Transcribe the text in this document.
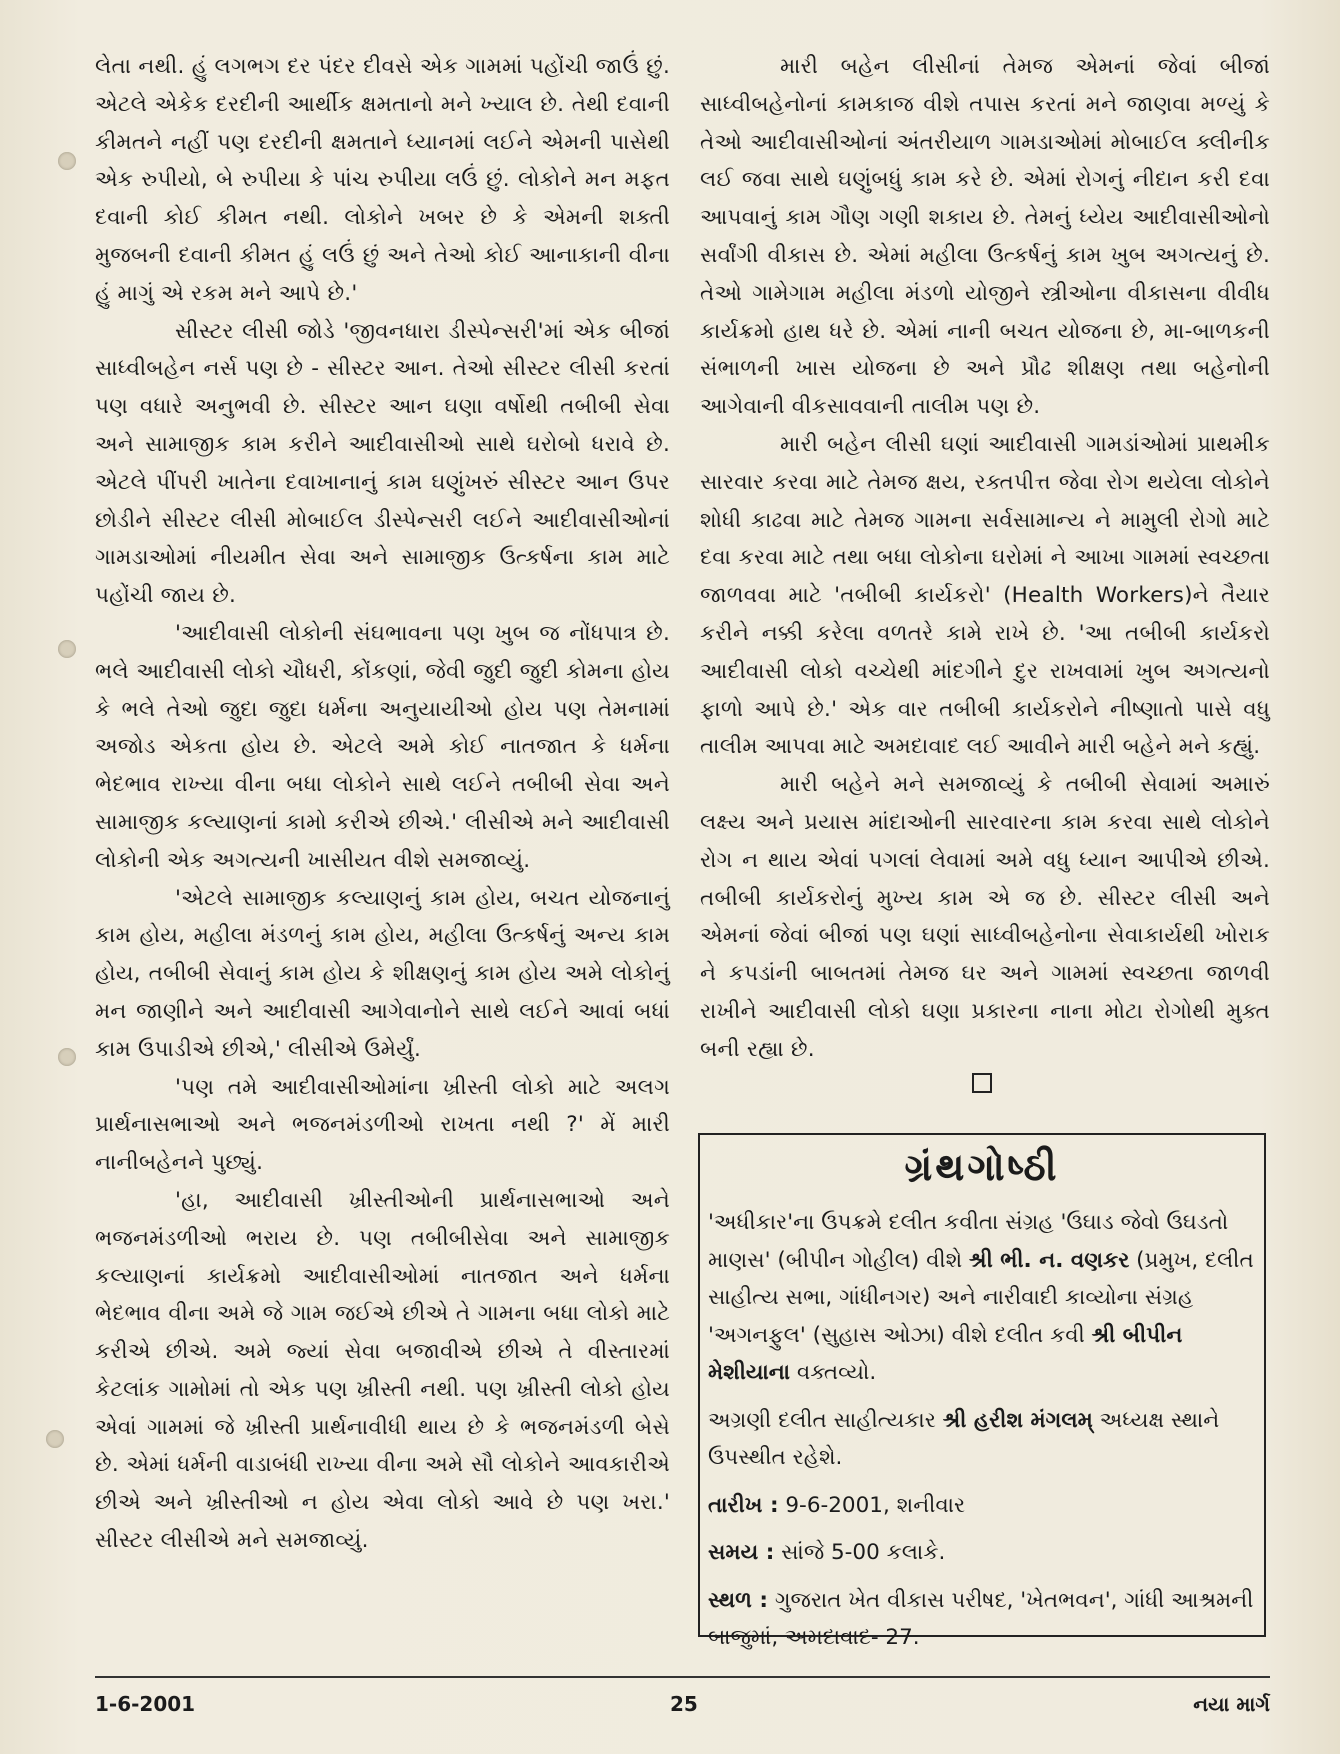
લેતા નથી. હું લગભગ દર પંદર દીવસે એક ગામમાં પહોંચી જાઉં છું. એટલે એકેક દરદીની આર્થીક ક્ષમતાનો મને ખ્યાલ છે. તેથી દવાની કીમતને નહીં પણ દરદીની ક્ષમતાને ધ્યાનમાં લઈને એમની પાસેથી એક રુપીયો, બે રુપીયા કે પાંચ રુપીયા લઉં છું. લોકોને મન મફત દવાની કોઈ કીમત નથી. લોકોને ખબર છે કે એમની શક્તી મુજબની દવાની કીમત હું લઉં છું અને તેઓ કોઈ આનાકાની વીના હું માગું એ રકમ મને આપે છે.'

સીસ્ટર લીસી જોડે 'જીવનધારા ડીસ્પેન્સરી'માં એક બીજાં સાધ્વીબહેન નર્સ પણ છે - સીસ્ટર આન. તેઓ સીસ્ટર લીસી કરતાં પણ વધારે અનુભવી છે. સીસ્ટર આન ઘણા વર્ષોથી તબીબી સેવા અને સામાજીક કામ કરીને આદીવાસીઓ સાથે ઘરોબો ધરાવે છે. એટલે પીંપરી ખાતેના દવાખાનાનું કામ ઘણુંખરું સીસ્ટર આન ઉપર છોડીને સીસ્ટર લીસી મોબાઈલ ડીસ્પેન્સરી લઈને આદીવાસીઓનાં ગામડાઓમાં નીયમીત સેવા અને સામાજીક ઉત્કર્ષના કામ માટે પહોંચી જાય છે.

'આદીવાસી લોકોની સંઘભાવના પણ ખુબ જ નોંધપાત્ર છે. ભલે આદીવાસી લોકો ચૌધરી, કોંકણાં, જેવી જુદી જુદી કોમના હોય કે ભલે તેઓ જુદા જુદા ધર્મના અનુયાયીઓ હોય પણ તેમનામાં અજોડ એકતા હોય છે. એટલે અમે કોઈ નાતજાત કે ધર્મના ભેદભાવ રાખ્યા વીના બધા લોકોને સાથે લઈને તબીબી સેવા અને સામાજીક કલ્યાણનાં કામો કરીએ છીએ.' લીસીએ મને આદીવાસી લોકોની એક અગત્યની ખાસીયત વીશે સમજાવ્યું.

'એટલે સામાજીક કલ્યાણનું કામ હોય, બચત યોજનાનું કામ હોય, મહીલા મંડળનું કામ હોય, મહીલા ઉત્કર્ષનું અન્ય કામ હોય, તબીબી સેવાનું કામ હોય કે શીક્ષણનું કામ હોય અમે લોકોનું મન જાણીને અને આદીવાસી આગેવાનોને સાથે લઈને આવાં બધાં કામ ઉપાડીએ છીએ,' લીસીએ ઉમેર્યું.

'પણ તમે આદીવાસીઓમાંના ખ્રીસ્તી લોકો માટે અલગ પ્રાર્થનાસભાઓ અને ભજનમંડળીઓ રાખતા નથી ?' મેં મારી નાનીબહેનને પુછ્યું.

'હા, આદીવાસી ખ્રીસ્તીઓની પ્રાર્થનાસભાઓ અને ભજનમંડળીઓ ભરાય છે. પણ તબીબીસેવા અને સામાજીક કલ્યાણનાં કાર્યક્રમો આદીવાસીઓમાં નાતજાત અને ધર્મના ભેદભાવ વીના અમે જે ગામ જઈએ છીએ તે ગામના બધા લોકો માટે કરીએ છીએ. અમે જ્યાં સેવા બજાવીએ છીએ તે વીસ્તારમાં કેટલાંક ગામોમાં તો એક પણ ખ્રીસ્તી નથી. પણ ખ્રીસ્તી લોકો હોય એવાં ગામમાં જે ખ્રીસ્તી પ્રાર્થનાવીધી થાય છે કે ભજનમંડળી બેસે છે. એમાં ધર્મની વાડાબંધી રાખ્યા વીના અમે સૌ લોકોને આવકારીએ છીએ અને ખ્રીસ્તીઓ ન હોય એવા લોકો આવે છે પણ ખરા.' સીસ્ટર લીસીએ મને સમજાવ્યું.

મારી બહેન લીસીનાં તેમજ એમનાં જેવાં બીજાં સાધ્વીબહેનોનાં કામકાજ વીશે તપાસ કરતાં મને જાણવા મળ્યું કે તેઓ આદીવાસીઓનાં અંતરીયાળ ગામડાઓમાં મોબાઈલ ક્લીનીક લઈ જવા સાથે ઘણુંબધું કામ કરે છે. એમાં રોગનું નીદાન કરી દવા આપવાનું કામ ગૌણ ગણી શકાય છે. તેમનું ધ્યેય આદીવાસીઓનો સર્વાંગી વીકાસ છે. એમાં મહીલા ઉત્કર્ષનું કામ ખુબ અગત્યનું છે. તેઓ ગામેગામ મહીલા મંડળો યોજીને સ્ત્રીઓના વીકાસના વીવીધ કાર્યક્રમો હાથ ધરે છે. એમાં નાની બચત યોજના છે, મા-બાળકની સંભાળની ખાસ યોજના છે અને પ્રૌઢ શીક્ષણ તથા બહેનોની આગેવાની વીકસાવવાની તાલીમ પણ છે.

મારી બહેન લીસી ઘણાં આદીવાસી ગામડાંઓમાં પ્રાથમીક સારવાર કરવા માટે તેમજ ક્ષય, રક્તપીત્ત જેવા રોગ થયેલા લોકોને શોધી કાઢવા માટે તેમજ ગામના સર્વસામાન્ય ને મામુલી રોગો માટે દવા કરવા માટે તથા બધા લોકોના ઘરોમાં ને આખા ગામમાં સ્વચ્છતા જાળવવા માટે 'તબીબી કાર્યકરો' (Health Workers)ને તૈયાર કરીને નક્કી કરેલા વળતરે કામે રાખે છે. 'આ તબીબી કાર્યકરો આદીવાસી લોકો વચ્ચેથી માંદગીને દુર રાખવામાં ખુબ અગત્યનો ફાળો આપે છે.' એક વાર તબીબી કાર્યકરોને નીષ્ણાતો પાસે વધુ તાલીમ આપવા માટે અમદાવાદ લઈ આવીને મારી બહેને મને કહ્યું.

મારી બહેને મને સમજાવ્યું કે તબીબી સેવામાં અમારું લક્ષ્ય અને પ્રયાસ માંદાઓની સારવારના કામ કરવા સાથે લોકોને રોગ ન થાય એવાં પગલાં લેવામાં અમે વધુ ધ્યાન આપીએ છીએ. તબીબી કાર્યકરોનું મુખ્ય કામ એ જ છે. સીસ્ટર લીસી અને એમનાં જેવાં બીજાં પણ ઘણાં સાધ્વીબહેનોના સેવાકાર્યથી ખોરાક ને કપડાંની બાબતમાં તેમજ ઘર અને ગામમાં સ્વચ્છતા જાળવી રાખીને આદીવાસી લોકો ઘણા પ્રકારના નાના મોટા રોગોથી મુક્ત બની રહ્યા છે.

ગ્રંથગોષ્ઠી

'અધીકાર'ના ઉપક્રમે દલીત કવીતા સંગ્રહ 'ઉઘાડ જેવો ઉઘડતો માણસ' (બીપીન ગોહીલ) વીશે શ્રી ભી. ન. વણકર (પ્રમુખ, દલીત સાહીત્ય સભા, ગાંધીનગર) અને નારીવાદી કાવ્યોના સંગ્રહ 'અગનફુલ' (સુહાસ ઓઝા) વીશે દલીત કવી શ્રી બીપીન મેશીયાના વક્તવ્યો.

અગ્રણી દલીત સાહીત્યકાર શ્રી હરીશ મંગલમ્ અધ્યક્ષ સ્થાને ઉપસ્થીત રહેશે.

તારીખ : 9-6-2001, શનીવાર

સમય : સાંજે 5-00 કલાકે.

સ્થળ : ગુજરાત ખેત વીકાસ પરીષદ, 'ખેતભવન', ગાંધી આશ્રમની બાજુમાં, અમદાવાદ- 27.

1-6-2001	25	નયા માર્ગ
